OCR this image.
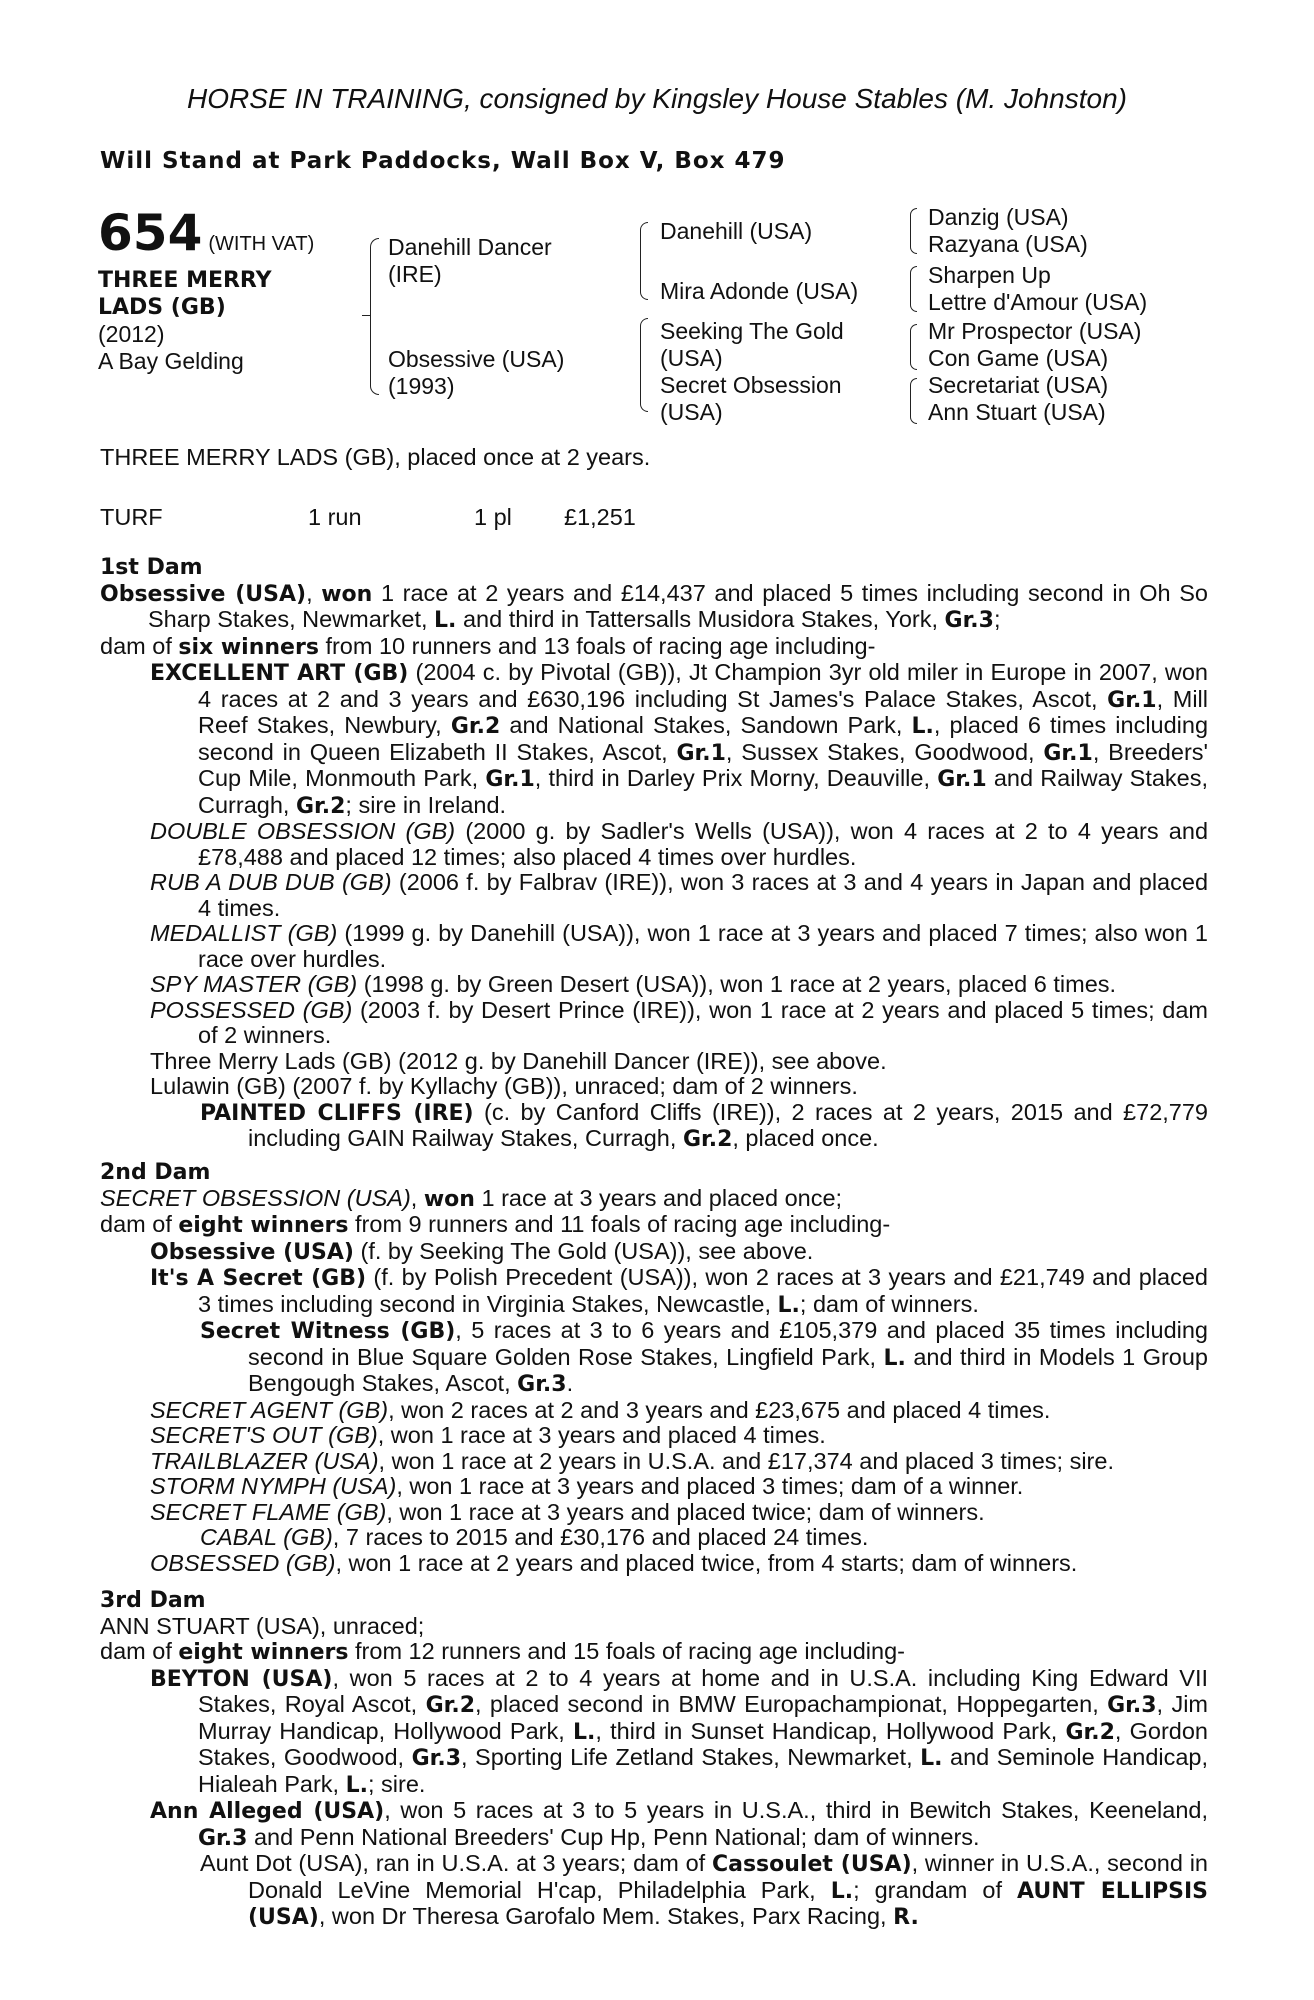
HORSE IN TRAINING, consigned by Kingsley House Stables (M. Johnston)
Will Stand at Park Paddocks, Wall Box V, Box 479
654 (WITH VAT)
THREE MERRY
LADS (GB)
(2012)
A Bay Gelding
Danehill Dancer
(IRE)
Obsessive (USA)
(1993)
Danehill (USA)
Mira Adonde (USA)
Seeking The Gold
(USA)
Secret Obsession
(USA)
Danzig (USA)
Razyana (USA)
Sharpen Up
Lettre d'Amour (USA)
Mr Prospector (USA)
Con Game (USA)
Secretariat (USA)
Ann Stuart (USA)
THREE MERRY LADS (GB), placed once at 2 years.
TURF	1 run	1 pl	£1,251
1st Dam

Obsessive (USA), won 1 race at 2 years and £14,437 and placed 5 times including second in Oh So Sharp Stakes, Newmarket, L. and third in Tattersalls Musidora Stakes, York, Gr.3;

dam of six winners from 10 runners and 13 foals of racing age including-

EXCELLENT ART (GB) (2004 c. by Pivotal (GB)), Jt Champion 3yr old miler in Europe in 2007, won 4 races at 2 and 3 years and £630,196 including St James's Palace Stakes, Ascot, Gr.1, Mill Reef Stakes, Newbury, Gr.2 and National Stakes, Sandown Park, L., placed 6 times including second in Queen Elizabeth II Stakes, Ascot, Gr.1, Sussex Stakes, Goodwood, Gr.1, Breeders' Cup Mile, Monmouth Park, Gr.1, third in Darley Prix Morny, Deauville, Gr.1 and Railway Stakes, Curragh, Gr.2; sire in Ireland.

DOUBLE OBSESSION (GB) (2000 g. by Sadler's Wells (USA)), won 4 races at 2 to 4 years and £78,488 and placed 12 times; also placed 4 times over hurdles.

RUB A DUB DUB (GB) (2006 f. by Falbrav (IRE)), won 3 races at 3 and 4 years in Japan and placed 4 times.

MEDALLIST (GB) (1999 g. by Danehill (USA)), won 1 race at 3 years and placed 7 times; also won 1 race over hurdles.

SPY MASTER (GB) (1998 g. by Green Desert (USA)), won 1 race at 2 years, placed 6 times.

POSSESSED (GB) (2003 f. by Desert Prince (IRE)), won 1 race at 2 years and placed 5 times; dam of 2 winners.

Three Merry Lads (GB) (2012 g. by Danehill Dancer (IRE)), see above.

Lulawin (GB) (2007 f. by Kyllachy (GB)), unraced; dam of 2 winners.

PAINTED CLIFFS (IRE) (c. by Canford Cliffs (IRE)), 2 races at 2 years, 2015 and £72,779 including GAIN Railway Stakes, Curragh, Gr.2, placed once.

2nd Dam

SECRET OBSESSION (USA), won 1 race at 3 years and placed once;

dam of eight winners from 9 runners and 11 foals of racing age including-

Obsessive (USA) (f. by Seeking The Gold (USA)), see above.

It's A Secret (GB) (f. by Polish Precedent (USA)), won 2 races at 3 years and £21,749 and placed 3 times including second in Virginia Stakes, Newcastle, L.; dam of winners.

Secret Witness (GB), 5 races at 3 to 6 years and £105,379 and placed 35 times including second in Blue Square Golden Rose Stakes, Lingfield Park, L. and third in Models 1 Group Bengough Stakes, Ascot, Gr.3.

SECRET AGENT (GB), won 2 races at 2 and 3 years and £23,675 and placed 4 times.

SECRET'S OUT (GB), won 1 race at 3 years and placed 4 times.

TRAILBLAZER (USA), won 1 race at 2 years in U.S.A. and £17,374 and placed 3 times; sire.

STORM NYMPH (USA), won 1 race at 3 years and placed 3 times; dam of a winner.

SECRET FLAME (GB), won 1 race at 3 years and placed twice; dam of winners.

CABAL (GB), 7 races to 2015 and £30,176 and placed 24 times.

OBSESSED (GB), won 1 race at 2 years and placed twice, from 4 starts; dam of winners.

3rd Dam

ANN STUART (USA), unraced;

dam of eight winners from 12 runners and 15 foals of racing age including-

BEYTON (USA), won 5 races at 2 to 4 years at home and in U.S.A. including King Edward VII Stakes, Royal Ascot, Gr.2, placed second in BMW Europachampionat, Hoppegarten, Gr.3, Jim Murray Handicap, Hollywood Park, L., third in Sunset Handicap, Hollywood Park, Gr.2, Gordon Stakes, Goodwood, Gr.3, Sporting Life Zetland Stakes, Newmarket, L. and Seminole Handicap, Hialeah Park, L.; sire.

Ann Alleged (USA), won 5 races at 3 to 5 years in U.S.A., third in Bewitch Stakes, Keeneland, Gr.3 and Penn National Breeders' Cup Hp, Penn National; dam of winners.

Aunt Dot (USA), ran in U.S.A. at 3 years; dam of Cassoulet (USA), winner in U.S.A., second in Donald LeVine Memorial H'cap, Philadelphia Park, L.; grandam of AUNT ELLIPSIS (USA), won Dr Theresa Garofalo Mem. Stakes, Parx Racing, R.
